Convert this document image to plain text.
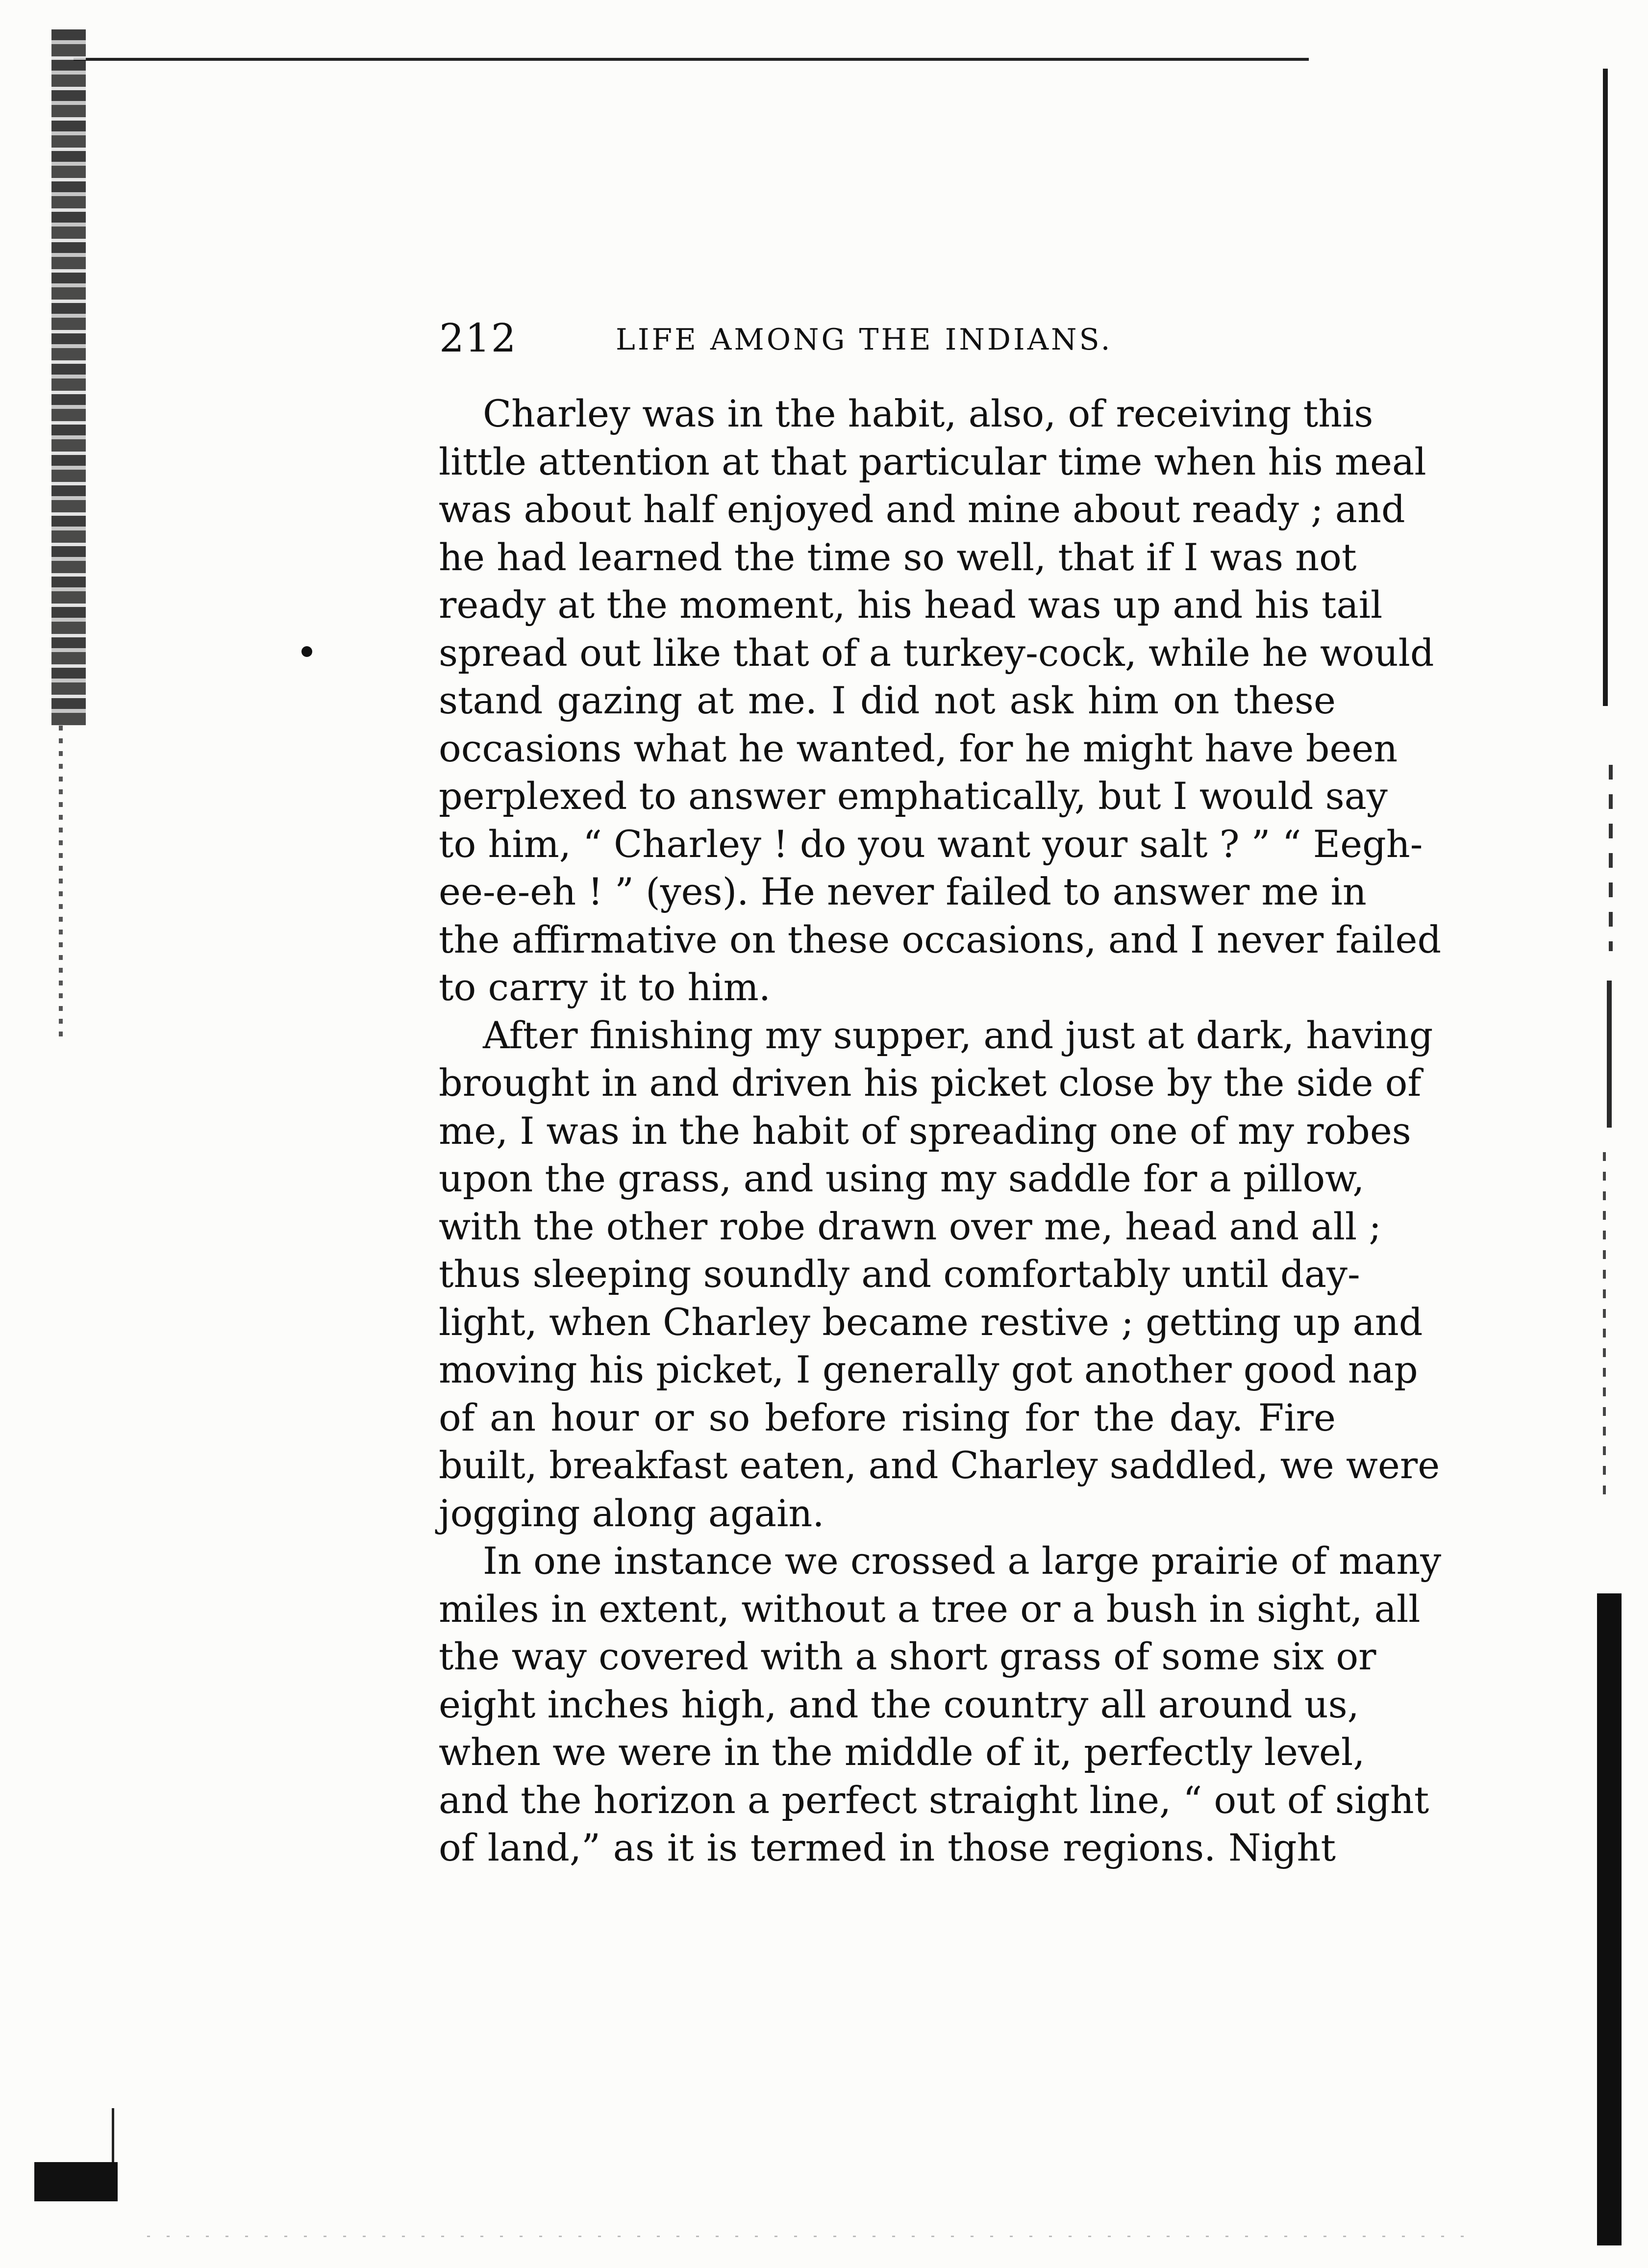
212	LIFE AMONG THE INDIANS.
Charley was in the habit, also, of receiving this
little attention at that particular time when his meal
was about half enjoyed and mine about ready ; and
he had learned the time so well, that if I was not
ready at the moment, his head was up and his tail
spread out like that of a turkey-cock, while he would
stand gazing at me. I did not ask him on these
occasions what he wanted, for he might have been
perplexed to answer emphatically, but I would say
to him, “ Charley ! do you want your salt ? ” “ Eegh-
ee-e-eh ! ” (yes). He never failed to answer me in
the affirmative on these occasions, and I never failed
to carry it to him.
After finishing my supper, and just at dark, having
brought in and driven his picket close by the side of
me, I was in the habit of spreading one of my robes
upon the grass, and using my saddle for a pillow,
with the other robe drawn over me, head and all ;
thus sleeping soundly and comfortably until day-
light, when Charley became restive ; getting up and
moving his picket, I generally got another good nap
of an hour or so before rising for the day. Fire
built, breakfast eaten, and Charley saddled, we were
jogging along again.
In one instance we crossed a large prairie of many
miles in extent, without a tree or a bush in sight, all
the way covered with a short grass of some six or
eight inches high, and the country all around us,
when we were in the middle of it, perfectly level,
and the horizon a perfect straight line, “ out of sight
of land,” as it is termed in those regions. Night
